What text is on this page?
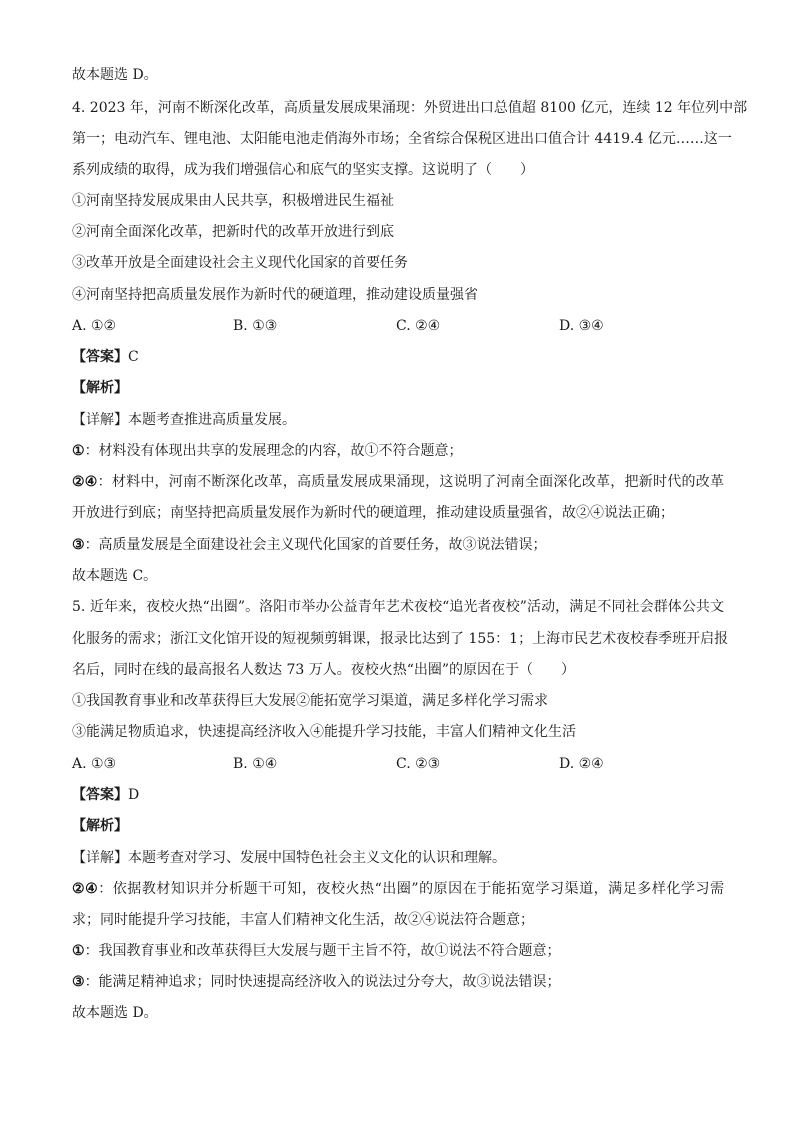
故本题选 D。
4. 2023 年，河南不断深化改革，高质量发展成果涌现：外贸进出口总值超 8100 亿元，连续 12 年位列中部
第一；电动汽车、锂电池、太阳能电池走俏海外市场；全省综合保税区进出口值合计 4419.4 亿元……这一
系列成绩的取得，成为我们增强信心和底气的坚实支撑。这说明了（　　）
①河南坚持发展成果由人民共享，积极增进民生福祉
②河南全面深化改革，把新时代的改革开放进行到底
③改革开放是全面建设社会主义现代化国家的首要任务
④河南坚持把高质量发展作为新时代的硬道理，推动建设质量强省
A. ①②	B. ①③	C. ②④	D. ③④
【答案】C
【解析】
【详解】本题考查推进高质量发展。
①：材料没有体现出共享的发展理念的内容，故①不符合题意；
②④：材料中，河南不断深化改革，高质量发展成果涌现，这说明了河南全面深化改革，把新时代的改革
开放进行到底；南坚持把高质量发展作为新时代的硬道理，推动建设质量强省，故②④说法正确；
③：高质量发展是全面建设社会主义现代化国家的首要任务，故③说法错误；
故本题选 C。
5. 近年来，夜校火热“出圈”。洛阳市举办公益青年艺术夜校“追光者夜校”活动，满足不同社会群体公共文
化服务的需求；浙江文化馆开设的短视频剪辑课，报录比达到了 155：1；上海市民艺术夜校春季班开启报
名后，同时在线的最高报名人数达 73 万人。夜校火热“出圈”的原因在于（　　）
①我国教育事业和改革获得巨大发展②能拓宽学习渠道，满足多样化学习需求
③能满足物质追求，快速提高经济收入④能提升学习技能，丰富人们精神文化生活
A. ①③	B. ①④	C. ②③	D. ②④
【答案】D
【解析】
【详解】本题考查对学习、发展中国特色社会主义文化的认识和理解。
②④：依据教材知识并分析题干可知，夜校火热“出圈”的原因在于能拓宽学习渠道，满足多样化学习需
求；同时能提升学习技能，丰富人们精神文化生活，故②④说法符合题意；
①：我国教育事业和改革获得巨大发展与题干主旨不符，故①说法不符合题意；
③：能满足精神追求；同时快速提高经济收入的说法过分夸大，故③说法错误；
故本题选 D。
